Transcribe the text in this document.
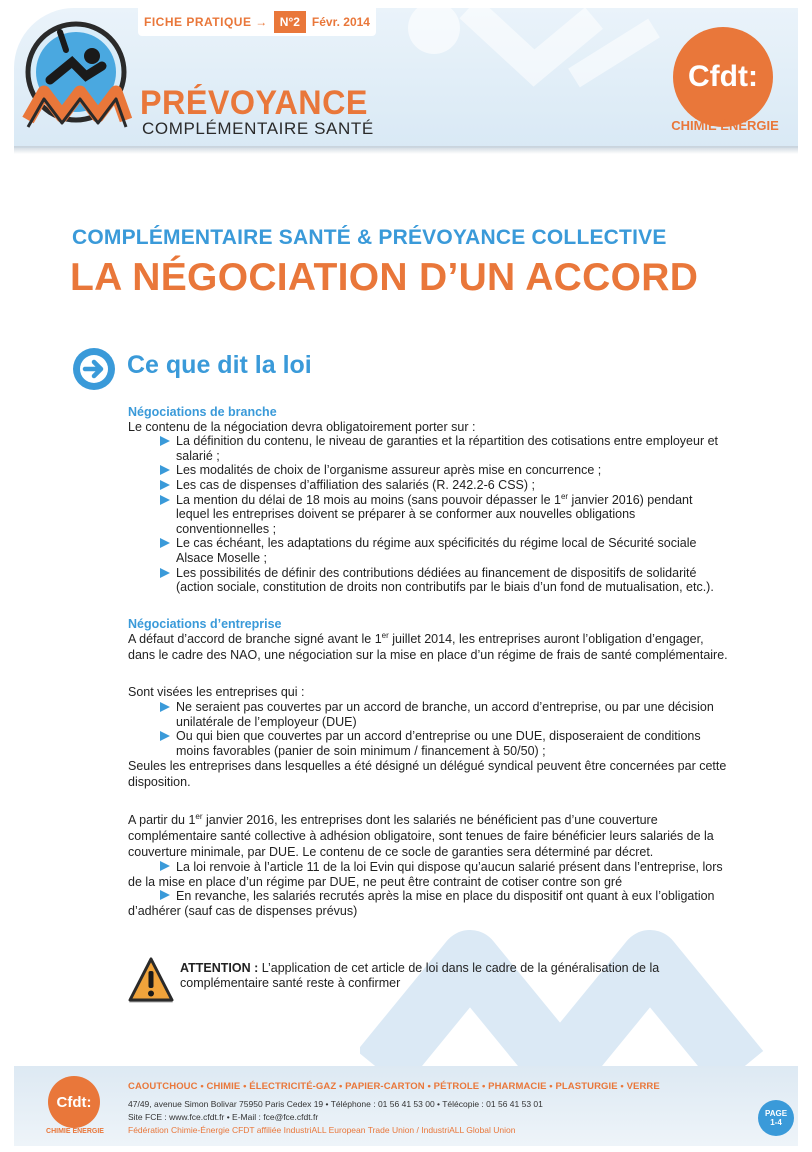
FICHE PRATIQUE →	N°2	Févr. 2014
PRÉVOYANCE
COMPLÉMENTAIRE SANTÉ
Cfdt:
CHIMIE ÉNERGIE
COMPLÉMENTAIRE SANTÉ & PRÉVOYANCE COLLECTIVE
LA NÉGOCIATION D’UN ACCORD
Ce que dit la loi
Négociations de branche
Le contenu de la négociation devra obligatoirement porter sur :
La définition du contenu, le niveau de garanties et la répartition des cotisations entre employeur et salarié ;
Les modalités de choix de l’organisme assureur après mise en concurrence ;
Les cas de dispenses d’affiliation des salariés (R. 242.2-6 CSS) ;
La mention du délai de 18 mois au moins (sans pouvoir dépasser le 1er janvier 2016) pendant lequel les entreprises doivent se préparer à se conformer aux nouvelles obligations conventionnelles ;
Le cas échéant, les adaptations du régime aux spécificités du régime local de Sécurité sociale Alsace Moselle ;
Les possibilités de définir des contributions dédiées au financement de dispositifs de solidarité (action sociale, constitution de droits non contributifs par le biais d’un fond de mutualisation, etc.).
Négociations d’entreprise
A défaut d’accord de branche signé avant le 1er juillet 2014, les entreprises auront l’obligation d’engager, dans le cadre des NAO, une négociation sur la mise en place d’un régime de frais de santé complémentaire.
Sont visées les entreprises qui :
Ne seraient pas couvertes par un accord de branche, un accord d’entreprise, ou par une décision unilatérale de l’employeur (DUE)
Ou qui bien que couvertes par un accord d’entreprise ou une DUE, disposeraient de conditions moins favorables (panier de soin minimum / financement à 50/50) ;
Seules les entreprises dans lesquelles a été désigné un délégué syndical peuvent être concernées par cette disposition.
A partir du 1er janvier 2016, les entreprises dont les salariés ne bénéficient pas d’une couverture complémentaire santé collective à adhésion obligatoire, sont tenues de faire bénéficier leurs salariés de la couverture minimale, par DUE. Le contenu de ce socle de garanties sera déterminé par décret.
La loi renvoie à l’article 11 de la loi Evin qui dispose qu’aucun salarié présent dans l’entreprise, lors de la mise en place d’un régime par DUE, ne peut être contraint de cotiser contre son gré
En revanche, les salariés recrutés après la mise en place du dispositif ont quant à eux l’obligation d’adhérer (sauf cas de dispenses prévus)
ATTENTION : L’application de cet article de loi dans le cadre de la généralisation de la complémentaire santé reste à confirmer
Cfdt:
CHIMIE ÉNERGIE
CAOUTCHOUC • CHIMIE • ÉLECTRICITÉ-GAZ • PAPIER-CARTON • PÉTROLE • PHARMACIE • PLASTURGIE • VERRE
47/49, avenue Simon Bolivar 75950 Paris Cedex 19 • Téléphone : 01 56 41 53 00 • Télécopie : 01 56 41 53 01
Site FCE : www.fce.cfdt.fr • E-Mail : fce@fce.cfdt.fr
Fédération Chimie-Énergie CFDT affiliée IndustriALL European Trade Union / IndustriALL Global Union
PAGE
1-4
